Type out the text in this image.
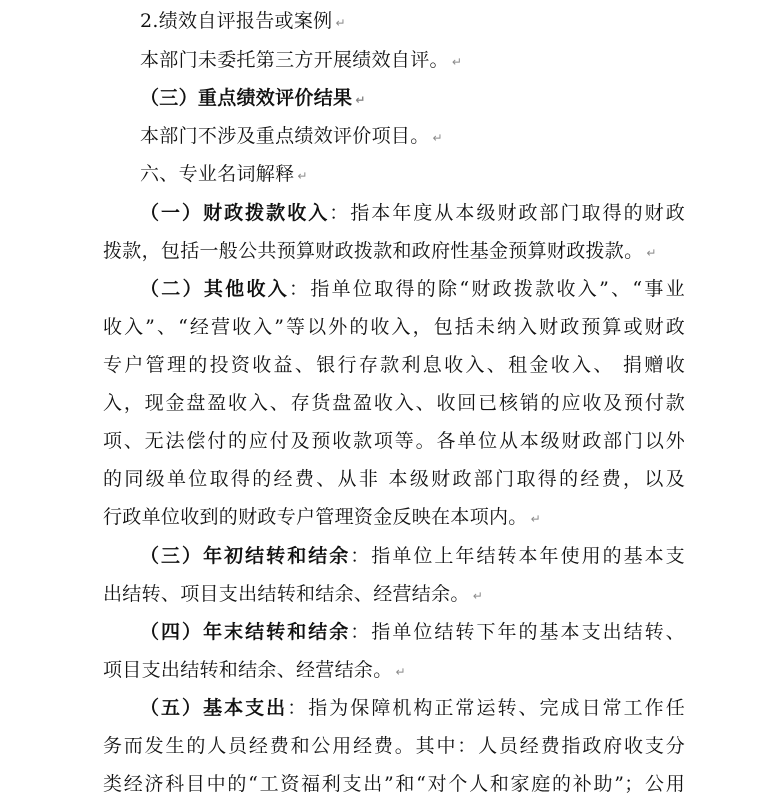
2.绩效自评报告或案例 ↵
本部门未委托第三方开展绩效自评。 ↵
（三）重点绩效评价结果 ↵
本部门不涉及重点绩效评价项目。 ↵
六、专业名词解释 ↵
（一）财政拨款收入：指本年度从本级财政部门取得的财政
拨款，包括一般公共预算财政拨款和政府性基金预算财政拨款。 ↵
（二）其他收入：指单位取得的除“财政拨款收入”、“事业
收入”、“经营收入”等以外的收入，包括未纳入财政预算或财政
专户管理的投资收益、银行存款利息收入、租金收入、 捐赠收
入，现金盘盈收入、存货盘盈收入、收回已核销的应收及预付款
项、无法偿付的应付及预收款项等。各单位从本级财政部门以外
的同级单位取得的经费、从非 本级财政部门取得的经费，以及
行政单位收到的财政专户管理资金反映在本项内。 ↵
（三）年初结转和结余：指单位上年结转本年使用的基本支
出结转、项目支出结转和结余、经营结余。 ↵
（四）年末结转和结余：指单位结转下年的基本支出结转、
项目支出结转和结余、经营结余。 ↵
（五）基本支出：指为保障机构正常运转、完成日常工作任
务而发生的人员经费和公用经费。其中：人员经费指政府收支分
类经济科目中的“工资福利支出”和“对个人和家庭的补助”；公用
